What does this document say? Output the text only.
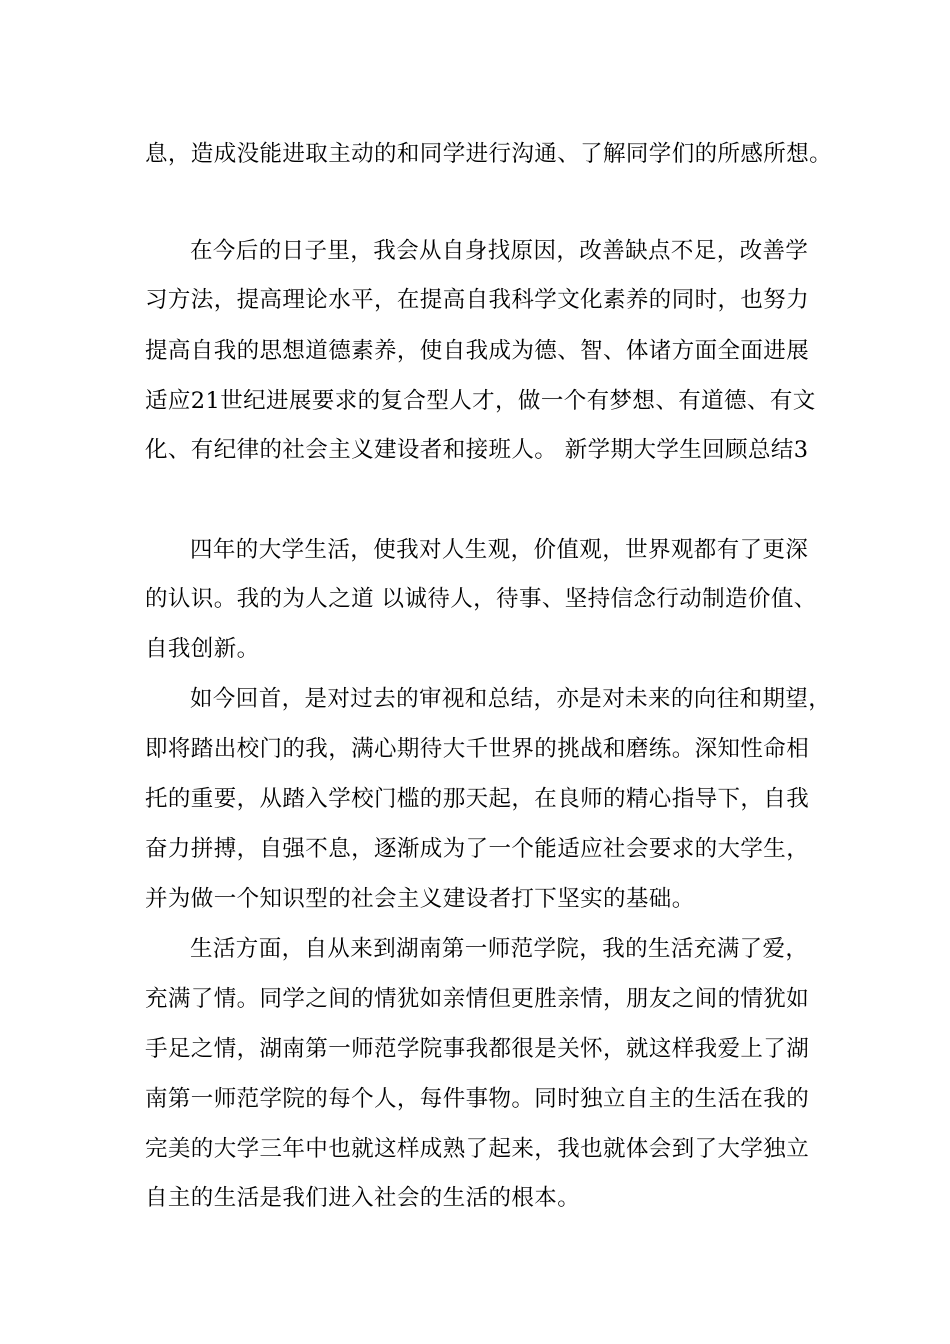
息，造成没能进取主动的和同学进行沟通、了解同学们的所感所想。
在今后的日子里，我会从自身找原因，改善缺点不足，改善学
习方法，提高理论水平，在提高自我科学文化素养的同时，也努力
提高自我的思想道德素养，使自我成为德、智、体诸方面全面进展
适应21世纪进展要求的复合型人才，做一个有梦想、有道德、有文
化、有纪律的社会主义建设者和接班人。 新学期大学生回顾总结3
四年的大学生活，使我对人生观，价值观，世界观都有了更深
的认识。我的为人之道 以诚待人，待事、坚持信念行动制造价值、
自我创新。
如今回首，是对过去的审视和总结，亦是对未来的向往和期望，
即将踏出校门的我，满心期待大千世界的挑战和磨练。深知性命相
托的重要，从踏入学校门槛的那天起，在良师的精心指导下，自我
奋力拼搏，自强不息，逐渐成为了一个能适应社会要求的大学生，
并为做一个知识型的社会主义建设者打下坚实的基础。
生活方面，自从来到湖南第一师范学院，我的生活充满了爱，
充满了情。同学之间的情犹如亲情但更胜亲情，朋友之间的情犹如
手足之情，湖南第一师范学院事我都很是关怀，就这样我爱上了湖
南第一师范学院的每个人，每件事物。同时独立自主的生活在我的
完美的大学三年中也就这样成熟了起来，我也就体会到了大学独立
自主的生活是我们进入社会的生活的根本。
